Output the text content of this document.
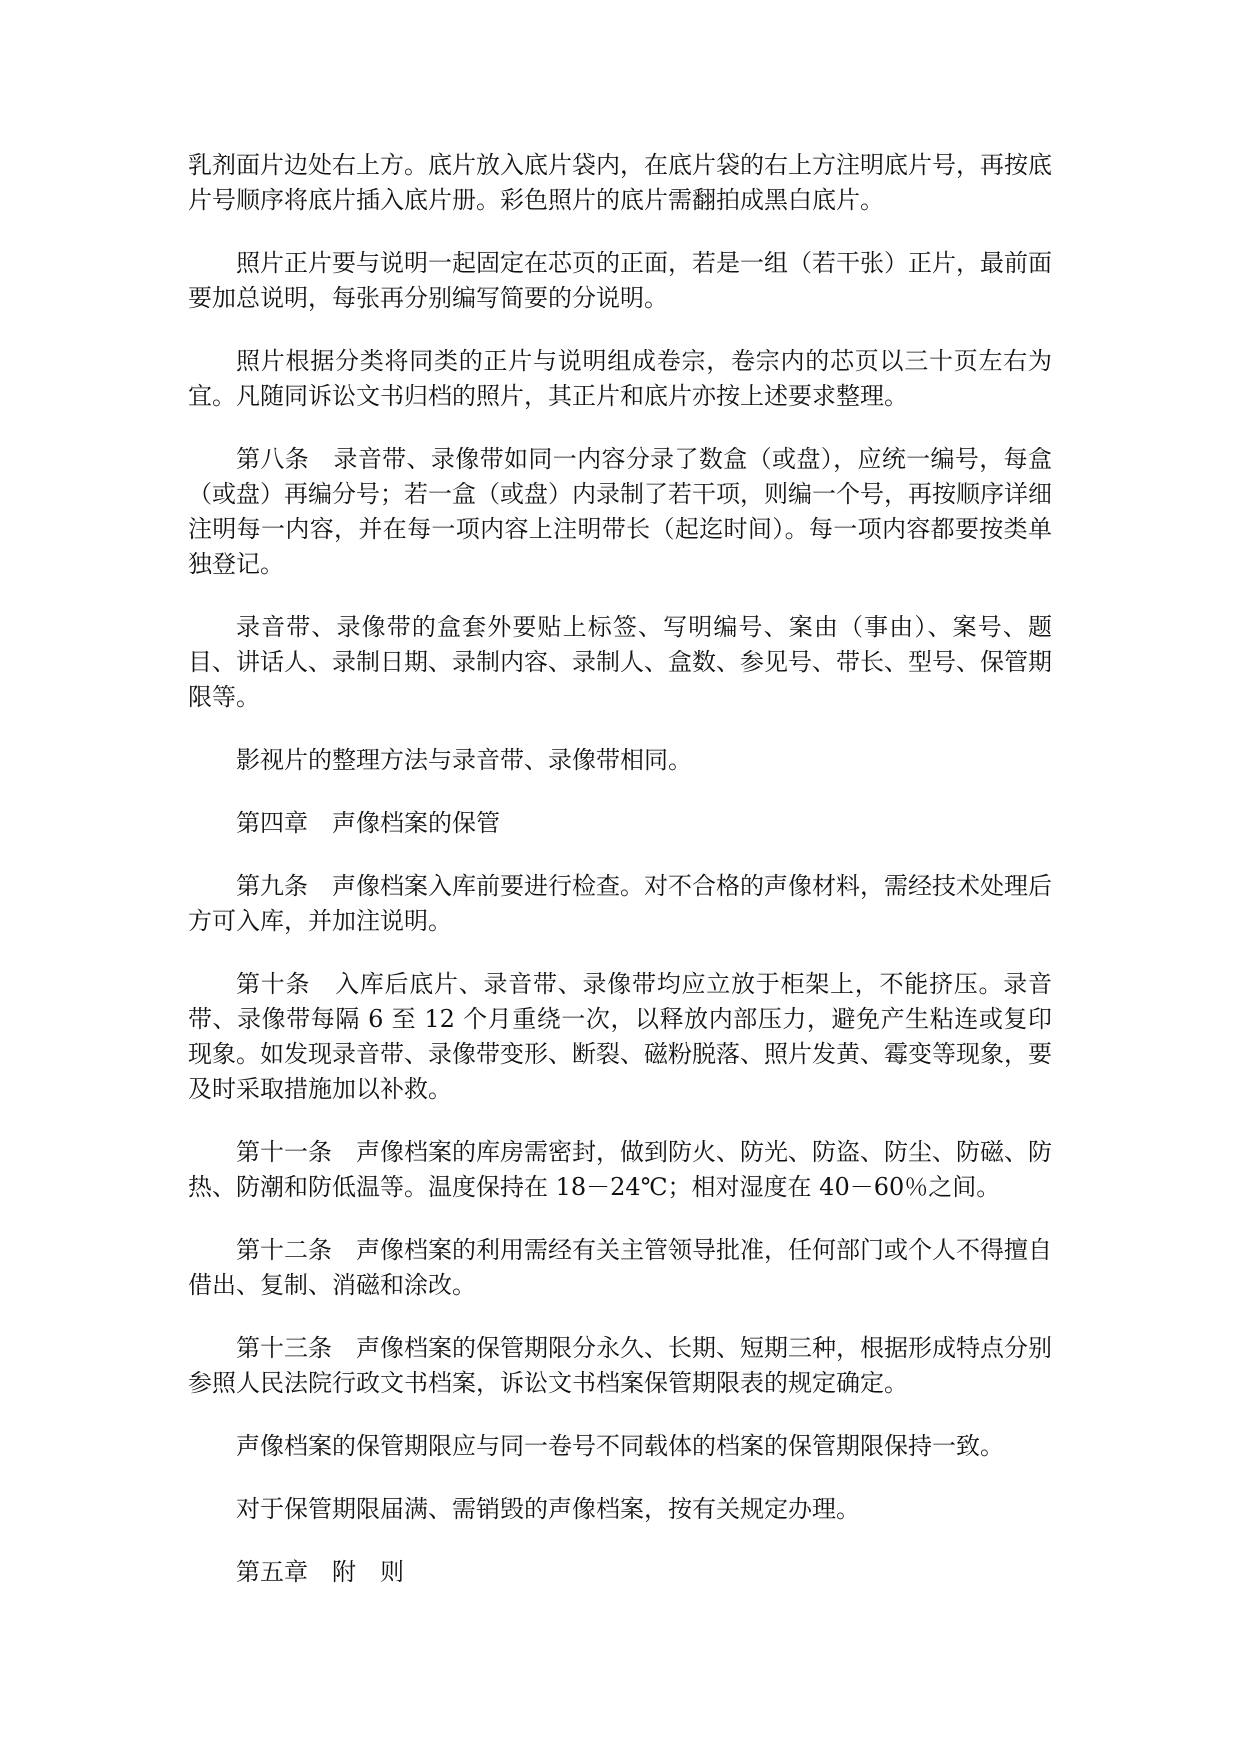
乳剂面片边处右上方。底片放入底片袋内，在底片袋的右上方注明底片号，再按底片号顺序将底片插入底片册。彩色照片的底片需翻拍成黑白底片。

照片正片要与说明一起固定在芯页的正面，若是一组（若干张）正片，最前面要加总说明，每张再分别编写简要的分说明。

照片根据分类将同类的正片与说明组成卷宗，卷宗内的芯页以三十页左右为宜。凡随同诉讼文书归档的照片，其正片和底片亦按上述要求整理。

第八条　录音带、录像带如同一内容分录了数盒（或盘），应统一编号，每盒（或盘）再编分号；若一盒（或盘）内录制了若干项，则编一个号，再按顺序详细注明每一内容，并在每一项内容上注明带长（起迄时间）。每一项内容都要按类单独登记。

录音带、录像带的盒套外要贴上标签、写明编号、案由（事由）、案号、题目、讲话人、录制日期、录制内容、录制人、盒数、参见号、带长、型号、保管期限等。

影视片的整理方法与录音带、录像带相同。

第四章　声像档案的保管

第九条　声像档案入库前要进行检查。对不合格的声像材料，需经技术处理后方可入库，并加注说明。

第十条　入库后底片、录音带、录像带均应立放于柜架上，不能挤压。录音带、录像带每隔 6 至 12 个月重绕一次，以释放内部压力，避免产生粘连或复印现象。如发现录音带、录像带变形、断裂、磁粉脱落、照片发黄、霉变等现象，要及时采取措施加以补救。

第十一条　声像档案的库房需密封，做到防火、防光、防盗、防尘、防磁、防热、防潮和防低温等。温度保持在 18－24℃；相对湿度在 40－60％之间。

第十二条　声像档案的利用需经有关主管领导批准，任何部门或个人不得擅自借出、复制、消磁和涂改。

第十三条　声像档案的保管期限分永久、长期、短期三种，根据形成特点分别参照人民法院行政文书档案，诉讼文书档案保管期限表的规定确定。

声像档案的保管期限应与同一卷号不同载体的档案的保管期限保持一致。

对于保管期限届满、需销毁的声像档案，按有关规定办理。

第五章　附　则
